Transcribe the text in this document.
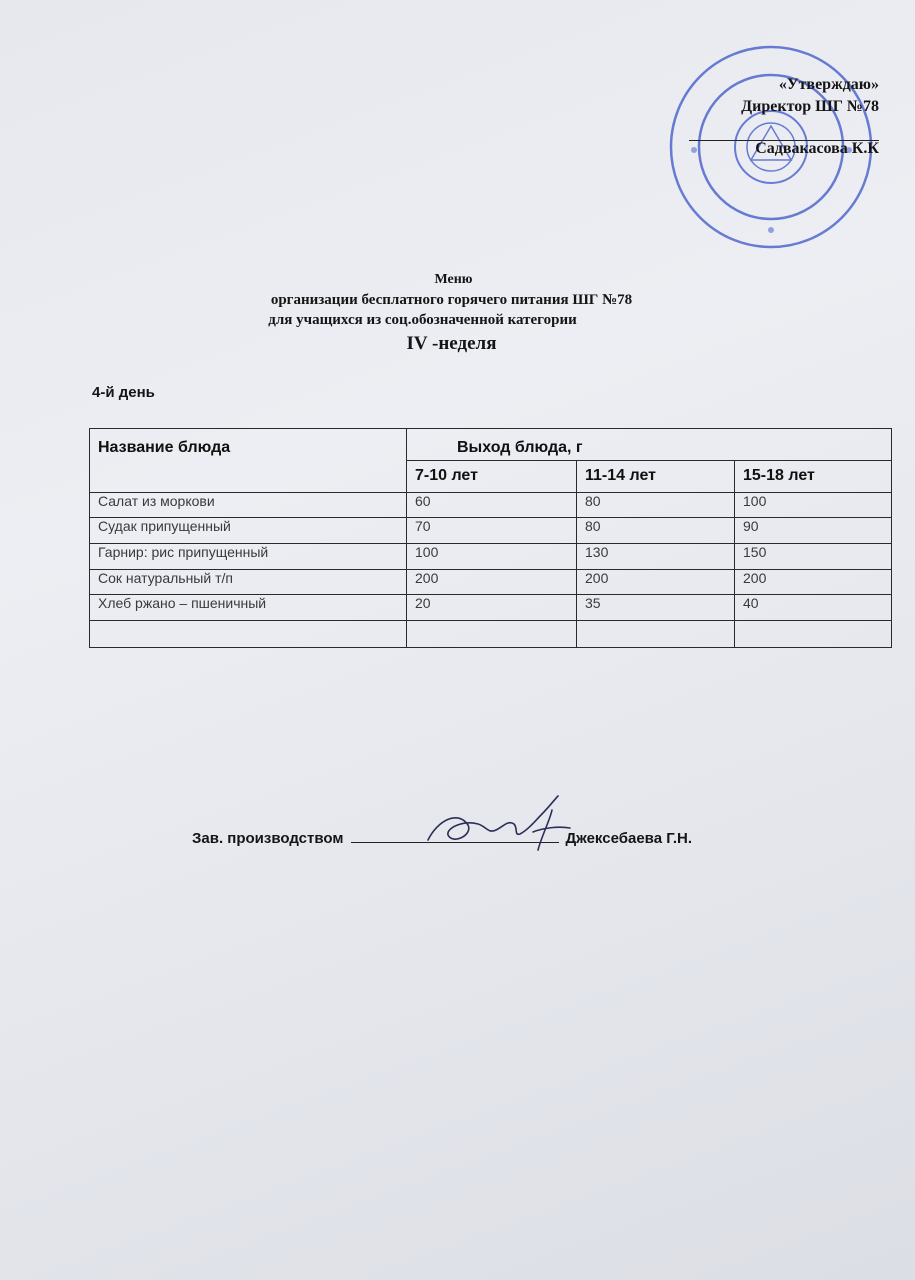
«Утверждаю»
Директор ШГ №78
Садвакасова К.К
Меню
организации бесплатного горячего питания ШГ №78
для учащихся из соц.обозначенной категории
IV -неделя
4-й день
Название блюда	Выход блюда, г		
	7-10 лет	11-14 лет	15-18 лет
Салат из моркови	60	80	100
Судак припущенный	70	80	90
Гарнир: рис припущенный	100	130	150
Сок натуральный т/п	200	200	200
Хлеб ржано – пшеничный	20	35	40

Зав. производством	Джексебаева Г.Н.
